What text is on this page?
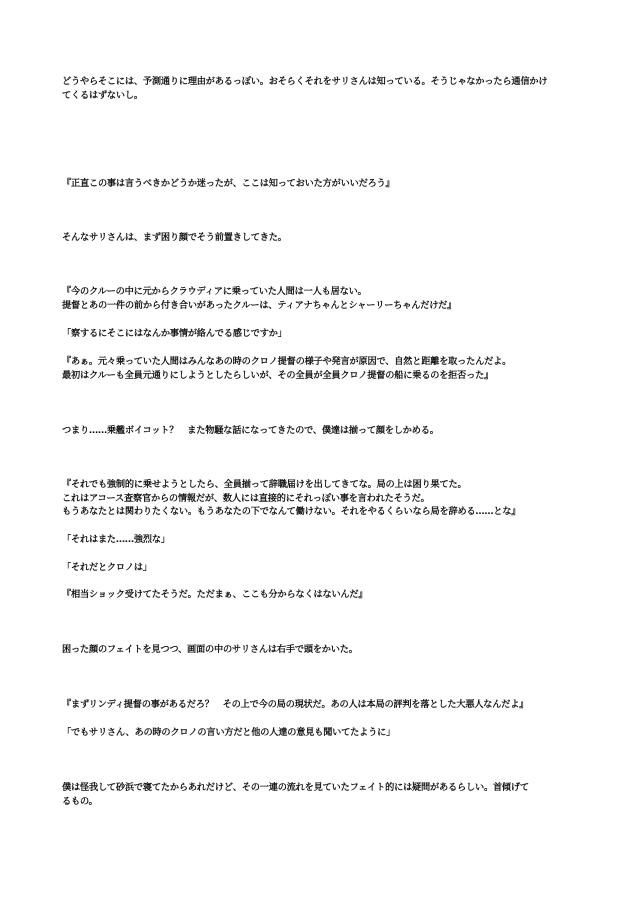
どうやらそこには、予測通りに理由があるっぽい。おそらくそれをサリさんは知っている。そうじゃなかったら通信かけ
てくるはずないし。
『正直この事は言うべきかどうか迷ったが、ここは知っておいた方がいいだろう』
そんなサリさんは、まず困り顔でそう前置きしてきた。
『今のクルーの中に元からクラウディアに乗っていた人間は一人も居ない。
提督とあの一件の前から付き合いがあったクルーは、ティアナちゃんとシャーリーちゃんだけだ』
「察するにそこにはなんか事情が絡んでる感じですか」
『あぁ。元々乗っていた人間はみんなあの時のクロノ提督の様子や発言が原因で、自然と距離を取ったんだよ。
最初はクルーも全員元通りにしようとしたらしいが、その全員が全員クロノ提督の船に乗るのを拒否った』
つまり……乗艦ボイコット？　また物騒な話になってきたので、僕達は揃って顔をしかめる。
『それでも強制的に乗せようとしたら、全員揃って辞職届けを出してきてな。局の上は困り果てた。
これはアコース査察官からの情報だが、数人には直接的にそれっぽい事を言われたそうだ。
もうあなたとは関わりたくない。もうあなたの下でなんて働けない。それをやるくらいなら局を辞める……とな』
「それはまた……強烈な」
「それだとクロノは」
『相当ショック受けてたそうだ。ただまぁ、ここも分からなくはないんだ』
困った顔のフェイトを見つつ、画面の中のサリさんは右手で頭をかいた。
『まずリンディ提督の事があるだろ？　その上で今の局の現状だ。あの人は本局の評判を落とした大悪人なんだよ』
「でもサリさん、あの時のクロノの言い方だと他の人達の意見も聞いてたように」
僕は怪我して砂浜で寝てたからあれだけど、その一連の流れを見ていたフェイト的には疑問があるらしい。首傾げて
るもの。
